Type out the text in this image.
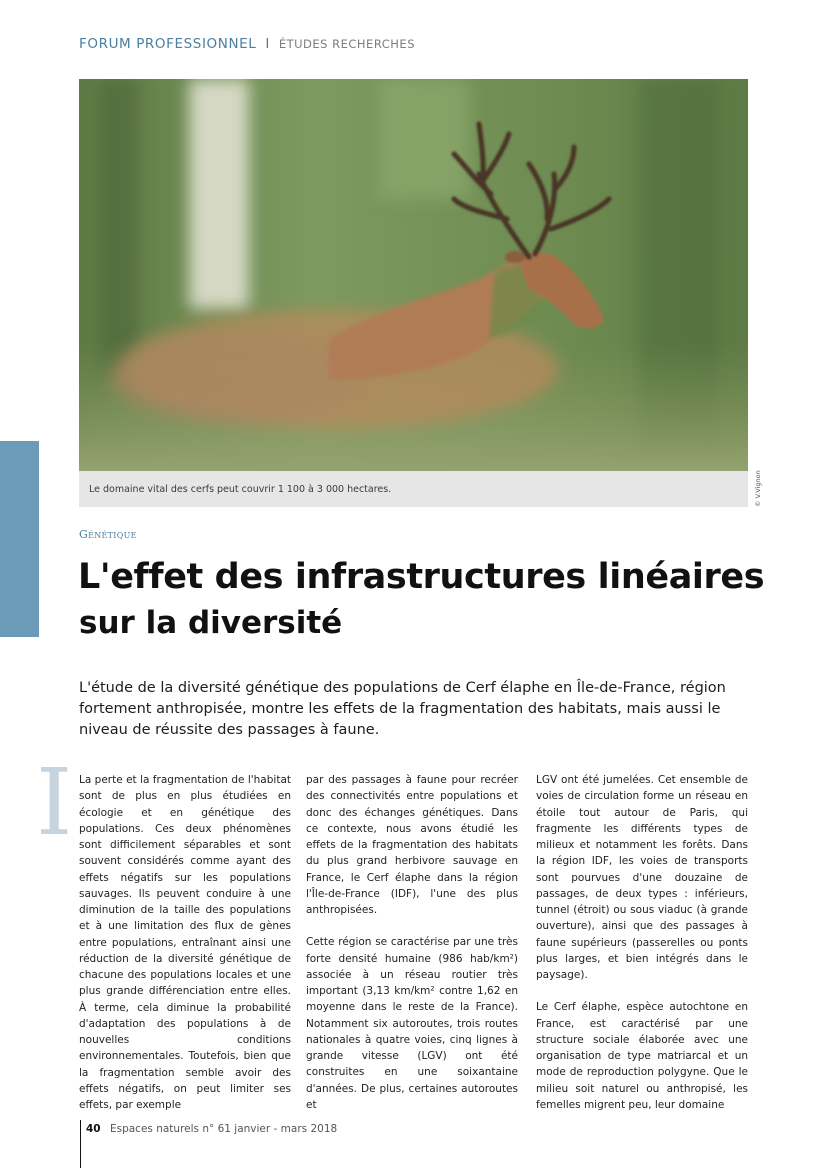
FORUM PROFESSIONNEL I ÉTUDES RECHERCHES
Le domaine vital des cerfs peut couvrir 1 100 à 3 000 hectares.	© V.Vignon
Génétique
L'effet des infrastructures linéaires
sur la diversité

L'étude de la diversité génétique des populations de Cerf élaphe en Île-de-France, région fortement anthropisée, montre les effets de la fragmentation des habitats, mais aussi le niveau de réussite des passages à faune.

I La perte et la fragmentation de l'habitat sont de plus en plus étudiées en écologie et en génétique des populations. Ces deux phénomènes sont difficilement séparables et sont souvent considérés comme ayant des effets négatifs sur les populations sauvages. Ils peuvent conduire à une diminution de la taille des populations et à une limitation des flux de gènes entre populations, entraînant ainsi une réduction de la diversité génétique de chacune des populations locales et une plus grande différenciation entre elles. À terme, cela diminue la probabilité d'adaptation des populations à de nouvelles conditions environnementales. Toutefois, bien que la fragmentation semble avoir des effets négatifs, on peut limiter ses effets, par exemple

par des passages à faune pour recréer des connectivités entre populations et donc des échanges génétiques. Dans ce contexte, nous avons étudié les effets de la fragmentation des habitats du plus grand herbivore sauvage en France, le Cerf élaphe dans la région l'Île-de-France (IDF), l'une des plus anthropisées.

Cette région se caractérise par une très forte densité humaine (986 hab/km²) associée à un réseau routier très important (3,13 km/km² contre 1,62 en moyenne dans le reste de la France). Notamment six autoroutes, trois routes nationales à quatre voies, cinq lignes à grande vitesse (LGV) ont été construites en une soixantaine d'années. De plus, certaines autoroutes et

LGV ont été jumelées. Cet ensemble de voies de circulation forme un réseau en étoile tout autour de Paris, qui fragmente les différents types de milieux et notamment les forêts. Dans la région IDF, les voies de transports sont pourvues d'une douzaine de passages, de deux types : inférieurs, tunnel (étroit) ou sous viaduc (à grande ouverture), ainsi que des passages à faune supérieurs (passerelles ou ponts plus larges, et bien intégrés dans le paysage).

Le Cerf élaphe, espèce autochtone en France, est caractérisé par une structure sociale élaborée avec une organisation de type matriarcal et un mode de reproduction polygyne. Que le milieu soit naturel ou anthropisé, les femelles migrent peu, leur domaine

40 Espaces naturels n° 61 janvier - mars 2018
